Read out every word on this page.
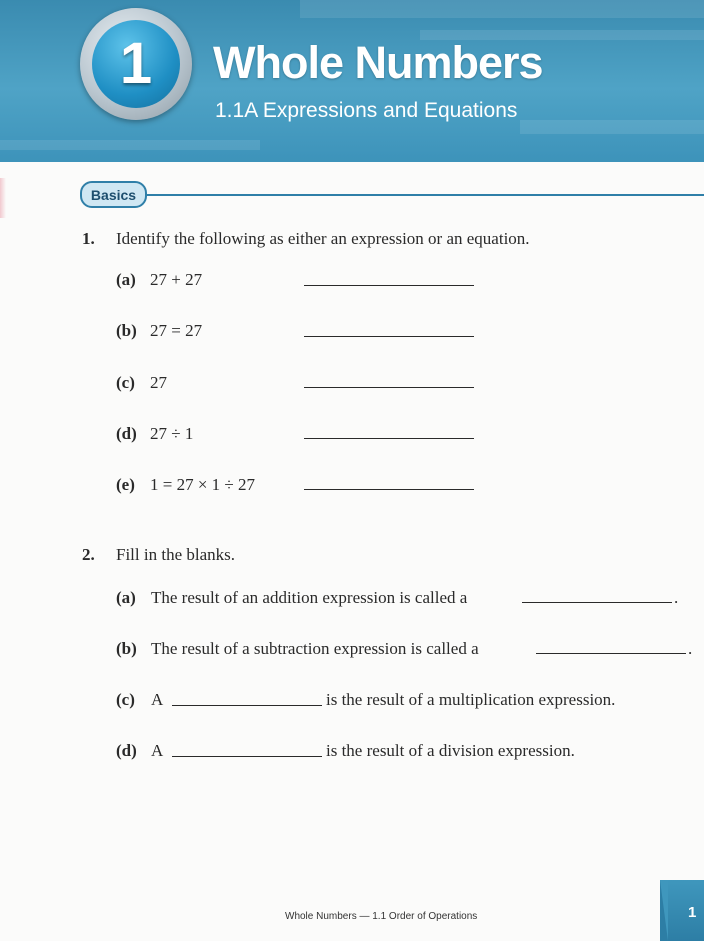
1 Whole Numbers
1.1A Expressions and Equations
Basics
1. Identify the following as either an expression or an equation.
(a) 27 + 27
(b) 27 = 27
(c) 27
(d) 27 ÷ 1
(e) 1 = 27 × 1 ÷ 27
2. Fill in the blanks.
(a) The result of an addition expression is called a	.
(b) The result of a subtraction expression is called a	.
(c) A	is the result of a multiplication expression.
(d) A	is the result of a division expression.
Whole Numbers — 1.1 Order of Operations	1
